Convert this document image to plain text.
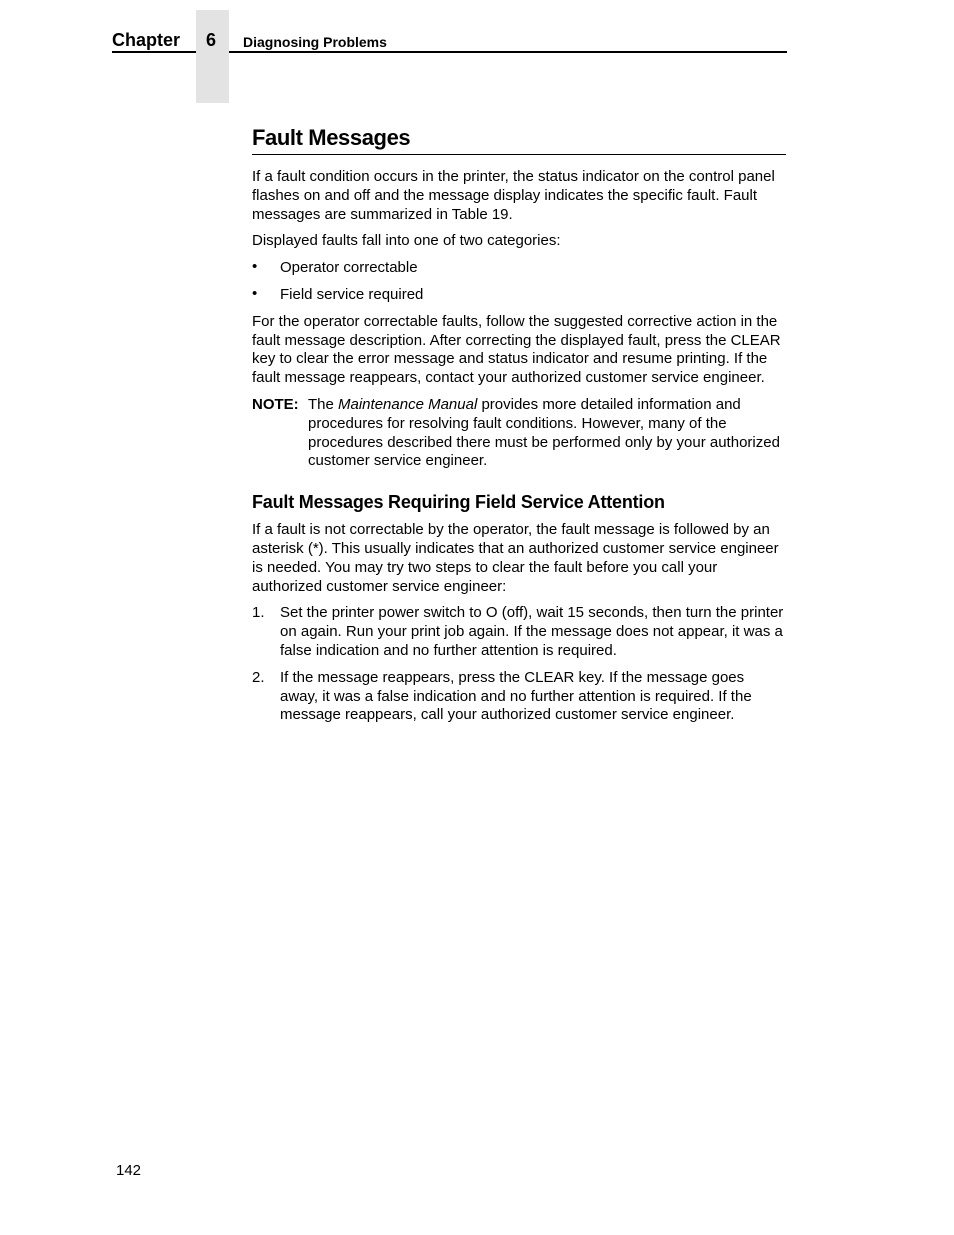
Chapter	6	Diagnosing Problems
Fault Messages

If a fault condition occurs in the printer, the status indicator on the control panel flashes on and off and the message display indicates the specific fault. Fault messages are summarized in Table 19.

Displayed faults fall into one of two categories:

• Operator correctable
• Field service required

For the operator correctable faults, follow the suggested corrective action in the fault message description. After correcting the displayed fault, press the CLEAR key to clear the error message and status indicator and resume printing. If the fault message reappears, contact your authorized customer service engineer.

NOTE: The Maintenance Manual provides more detailed information and procedures for resolving fault conditions. However, many of the procedures described there must be performed only by your authorized customer service engineer.
Fault Messages Requiring Field Service Attention

If a fault is not correctable by the operator, the fault message is followed by an asterisk (*). This usually indicates that an authorized customer service engineer is needed. You may try two steps to clear the fault before you call your authorized customer service engineer:

1. Set the printer power switch to O (off), wait 15 seconds, then turn the printer on again. Run your print job again. If the message does not appear, it was a false indication and no further attention is required.
2. If the message reappears, press the CLEAR key. If the message goes away, it was a false indication and no further attention is required. If the message reappears, call your authorized customer service engineer.
142
